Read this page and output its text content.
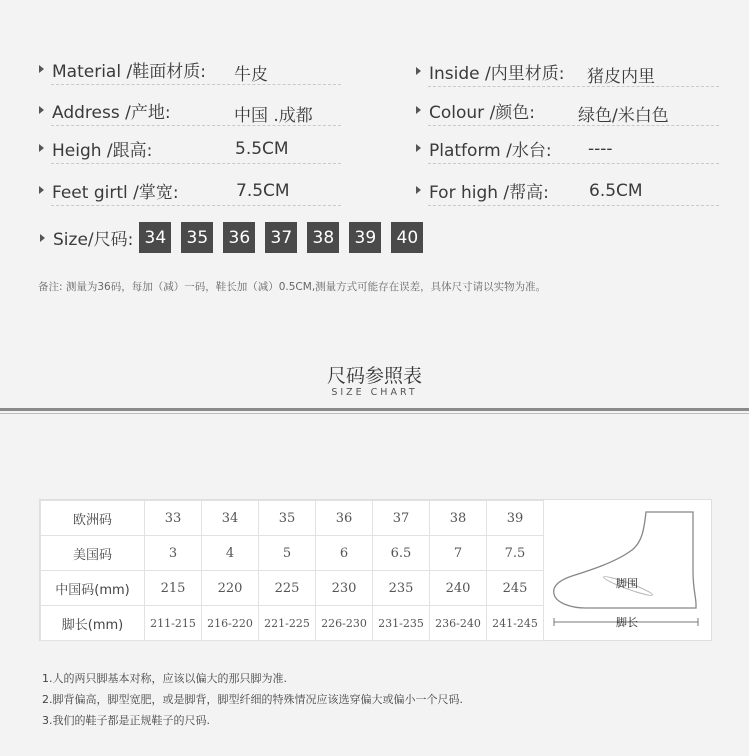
Material /鞋面材质: 牛皮
Address /产地:	中国 .成都
Heigh /跟高:	5.5CM
Feet girtl /掌宽:	7.5CM
Inside /内里材质: 猪皮内里
Colour /颜色:	绿色/米白色
Platform /水台: ----
For high /帮高: 6.5CM
Size/尺码: 34	35	36	37	38	39	40
备注: 测量为36码，每加（减）一码，鞋长加（减）0.5CM,测量方式可能存在误差，具体尺寸请以实物为准。
尺码参照表
SIZE CHART
欧洲码	33	34	35	36	37	38	39
美国码	3	4	5	6	6.5	7	7.5
中国码(mm)	215	220	225	230	235	240	245
脚长(mm)	211-215	216-220	221-225	226-230	231-235	236-240	241-245
脚围
脚长
1.人的两只脚基本对称，应该以偏大的那只脚为准.
2.脚背偏高，脚型宽肥，或是脚背，脚型纤细的特殊情况应该选穿偏大或偏小一个尺码.
3.我们的鞋子都是正规鞋子的尺码.
